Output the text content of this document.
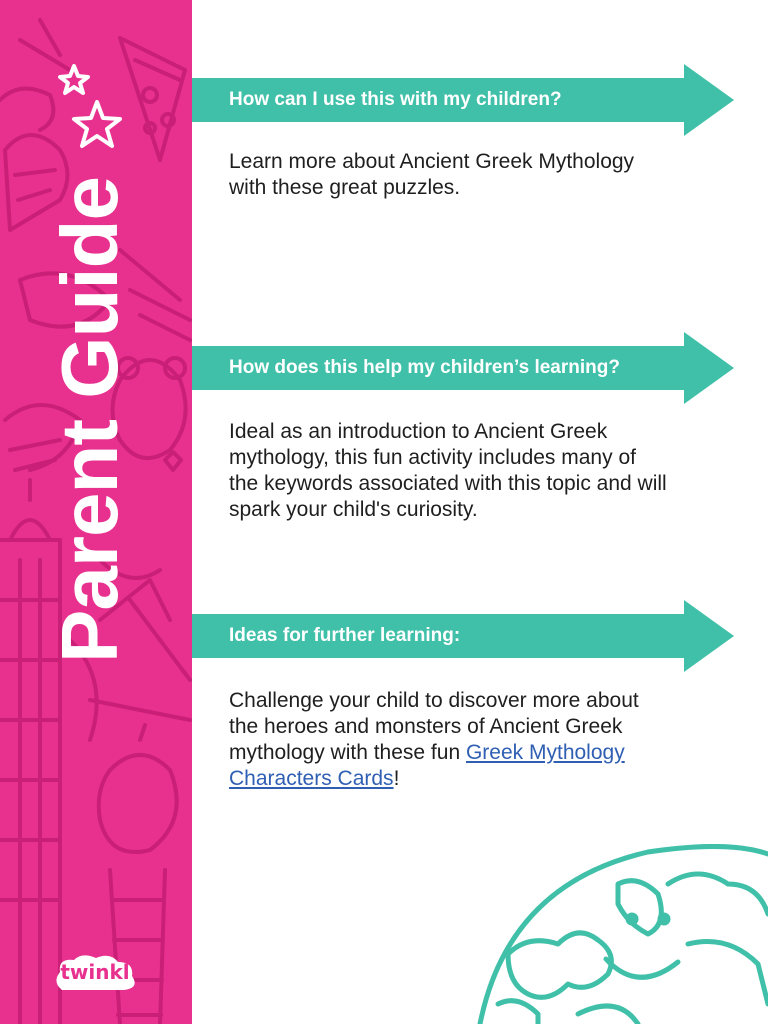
Parent Guide
twinkl
How can I use this with my children?
Learn more about Ancient Greek Mythology with these great puzzles.
How does this help my children’s learning?
Ideal as an introduction to Ancient Greek mythology, this fun activity includes many of the keywords associated with this topic and will spark your child's curiosity.
Ideas for further learning:
Challenge your child to discover more about the heroes and monsters of Ancient Greek mythology with these fun Greek Mythology Characters Cards!
